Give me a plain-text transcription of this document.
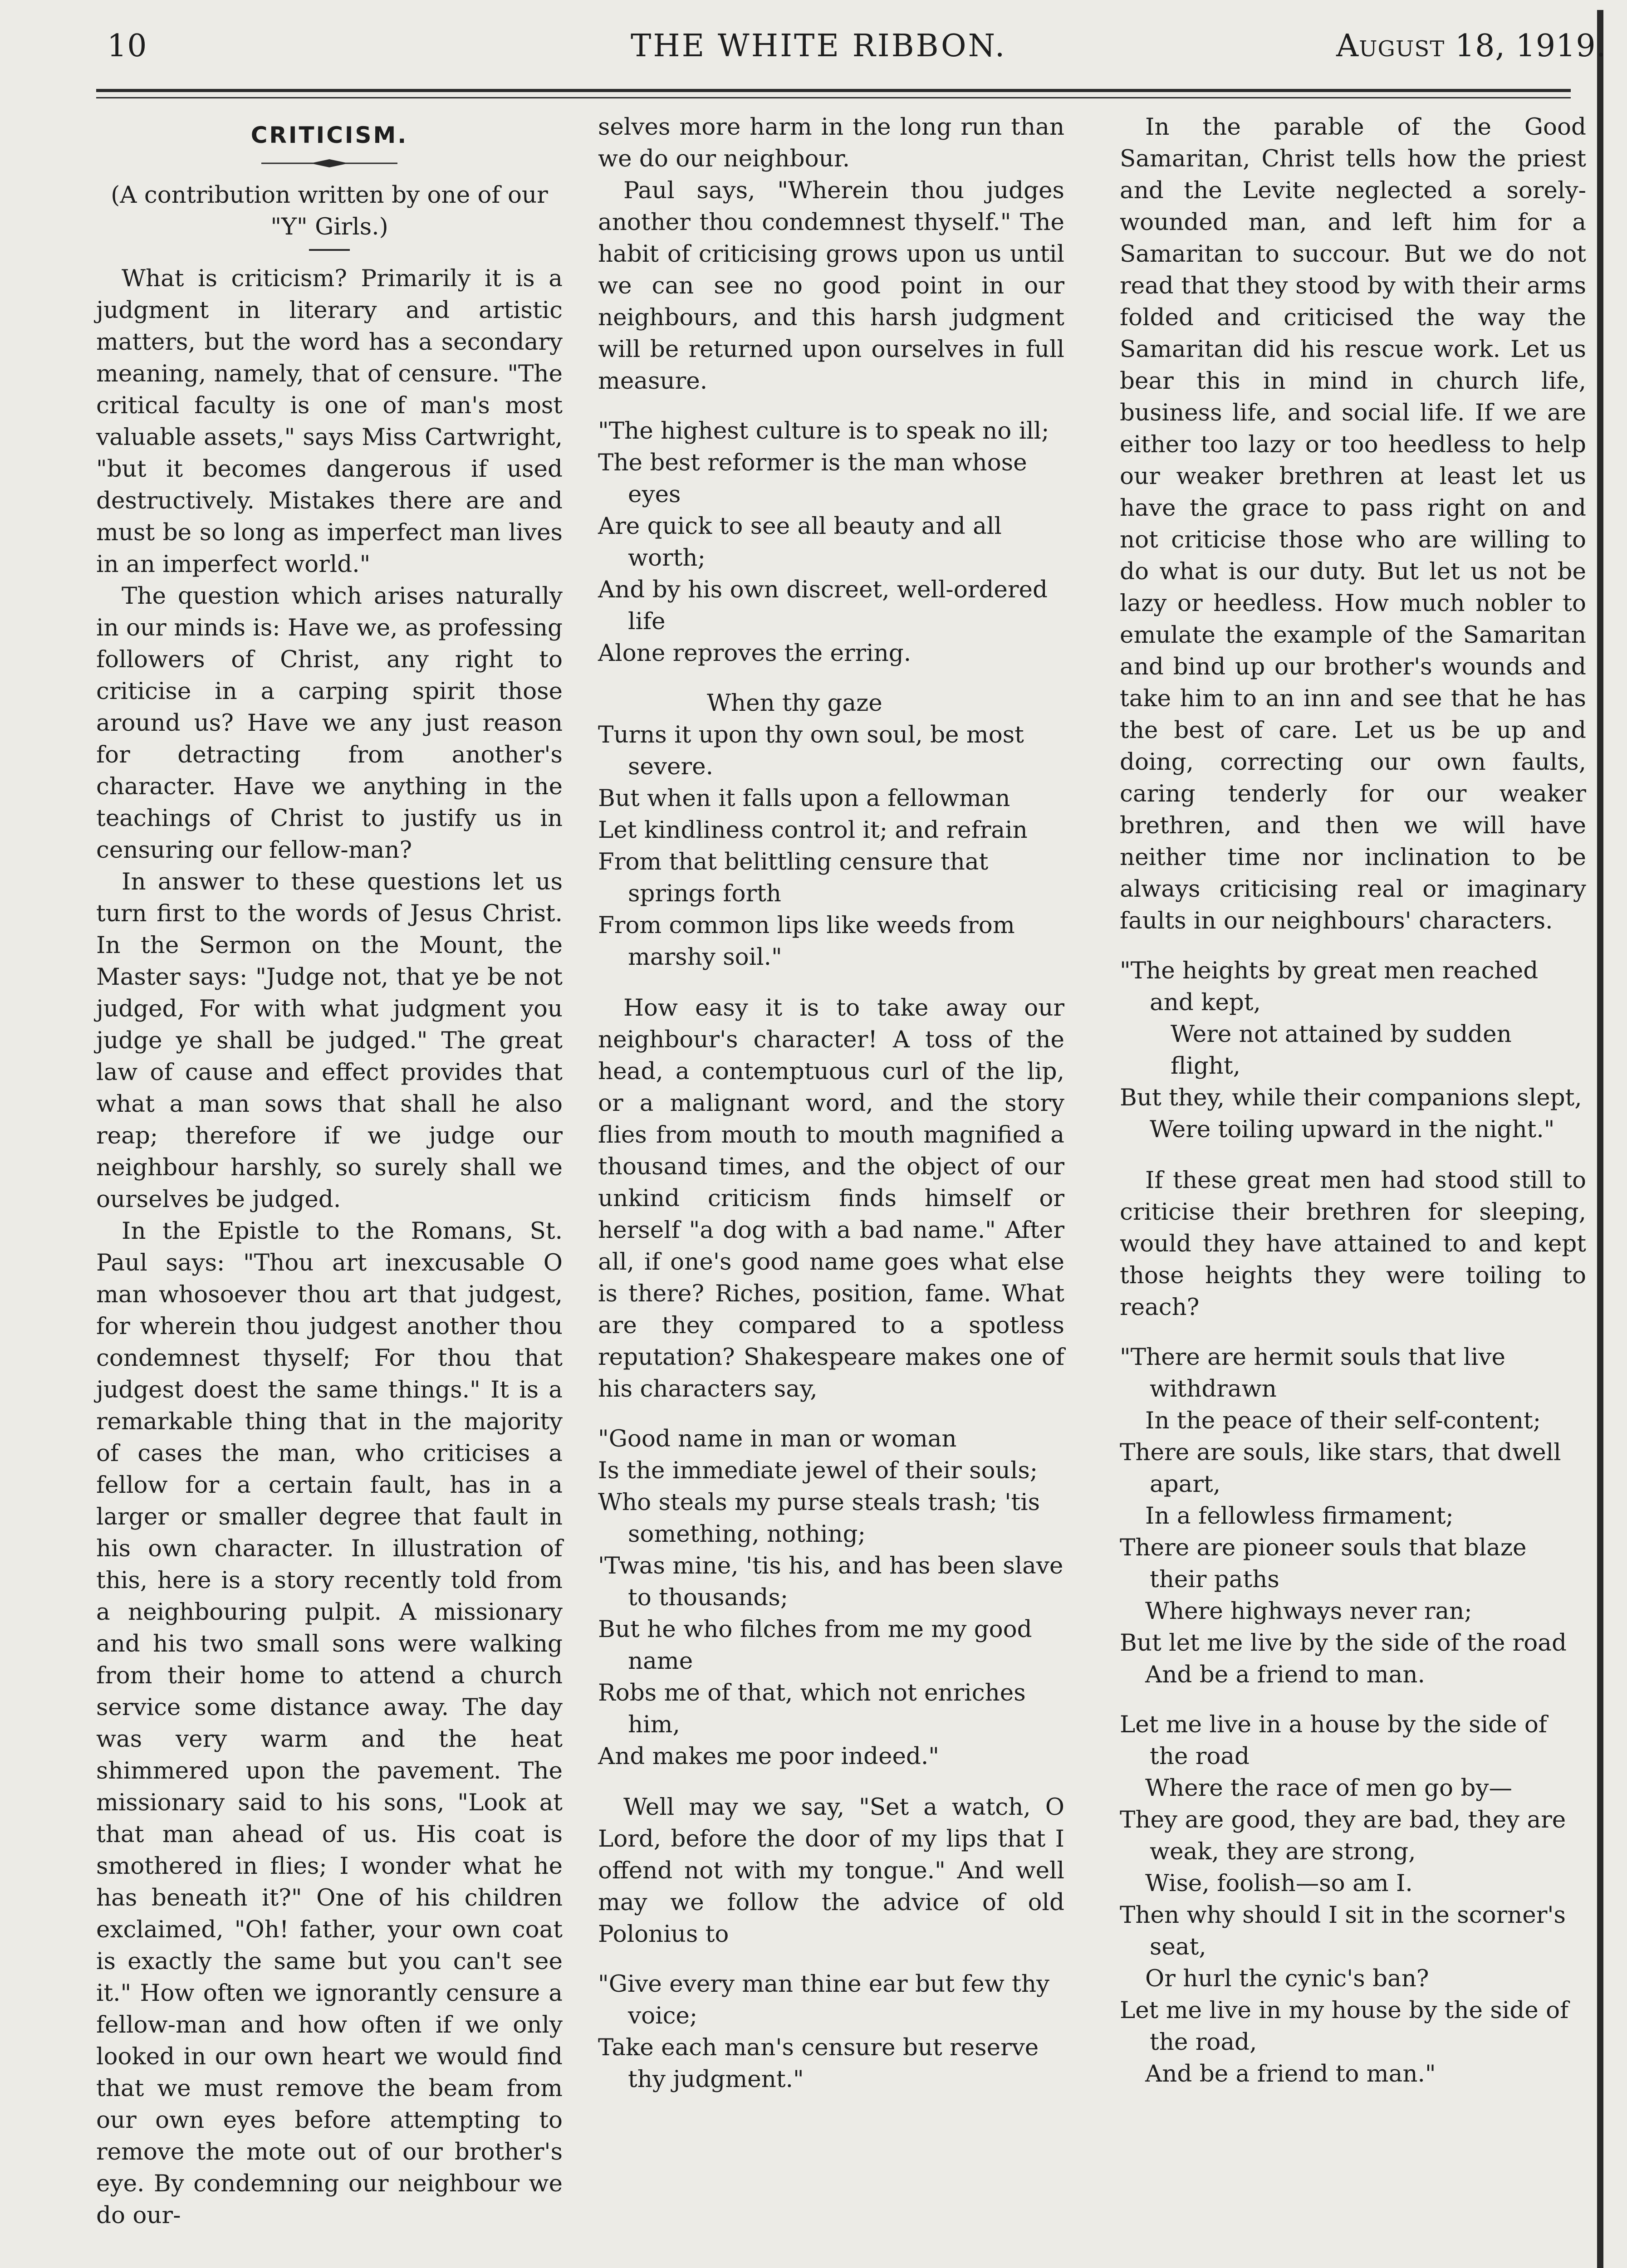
10	THE WHITE RIBBON.	August 18, 1919.
CRITICISM.

(A contribution written by one of our "Y" Girls.)

What is criticism? Primarily it is a judgment in literary and artistic matters, but the word has a secondary meaning, namely, that of censure. "The critical faculty is one of man's most valuable assets," says Miss Cartwright, "but it becomes dangerous if used destructively. Mistakes there are and must be so long as imperfect man lives in an imperfect world."

The question which arises naturally in our minds is: Have we, as professing followers of Christ, any right to criticise in a carping spirit those around us? Have we any just reason for detracting from another's character. Have we anything in the teachings of Christ to justify us in censuring our fellow-man?

In answer to these questions let us turn first to the words of Jesus Christ. In the Sermon on the Mount, the Master says: "Judge not, that ye be not judged, For with what judgment you judge ye shall be judged." The great law of cause and effect provides that what a man sows that shall he also reap; therefore if we judge our neighbour harshly, so surely shall we ourselves be judged.

In the Epistle to the Romans, St. Paul says: "Thou art inexcusable O man whosoever thou art that judgest, for wherein thou judgest another thou condemnest thyself; For thou that judgest doest the same things." It is a remarkable thing that in the majority of cases the man, who criticises a fellow for a certain fault, has in a larger or smaller degree that fault in his own character. In illustration of this, here is a story recently told from a neighbouring pulpit. A missionary and his two small sons were walking from their home to attend a church service some distance away. The day was very warm and the heat shimmered upon the pavement. The missionary said to his sons, "Look at that man ahead of us. His coat is smothered in flies; I wonder what he has beneath it?" One of his children exclaimed, "Oh! father, your own coat is exactly the same but you can't see it." How often we ignorantly censure a fellow-man and how often if we only looked in our own heart we would find that we must remove the beam from our own eyes before attempting to remove the mote out of our brother's eye. By condemning our neighbour we do our-

selves more harm in the long run than we do our neighbour.

Paul says, "Wherein thou judges another thou condemnest thyself." The habit of criticising grows upon us until we can see no good point in our neighbours, and this harsh judgment will be returned upon ourselves in full measure.

"The highest culture is to speak no ill;

The best reformer is the man whose eyes

Are quick to see all beauty and all worth;

And by his own discreet, well-ordered life

Alone reproves the erring.

When thy gaze

Turns it upon thy own soul, be most severe.

But when it falls upon a fellowman

Let kindliness control it; and refrain

From that belittling censure that springs forth

From common lips like weeds from marshy soil."

How easy it is to take away our neighbour's character! A toss of the head, a contemptuous curl of the lip, or a malignant word, and the story flies from mouth to mouth magnified a thousand times, and the object of our unkind criticism finds himself or herself "a dog with a bad name." After all, if one's good name goes what else is there? Riches, position, fame. What are they compared to a spotless reputation? Shakespeare makes one of his characters say,

"Good name in man or woman

Is the immediate jewel of their souls;

Who steals my purse steals trash; 'tis something, nothing;

'Twas mine, 'tis his, and has been slave to thousands;

But he who filches from me my good name

Robs me of that, which not enriches him,

And makes me poor indeed."

Well may we say, "Set a watch, O Lord, before the door of my lips that I offend not with my tongue." And well may we follow the advice of old Polonius to

"Give every man thine ear but few thy voice;

Take each man's censure but reserve thy judgment."

In the parable of the Good Samaritan, Christ tells how the priest and the Levite neglected a sorely-wounded man, and left him for a Samaritan to succour. But we do not read that they stood by with their arms folded and criticised the way the Samaritan did his rescue work. Let us bear this in mind in church life, business life, and social life. If we are either too lazy or too heedless to help our weaker brethren at least let us have the grace to pass right on and not criticise those who are willing to do what is our duty. But let us not be lazy or heedless. How much nobler to emulate the example of the Samaritan and bind up our brother's wounds and take him to an inn and see that he has the best of care. Let us be up and doing, correcting our own faults, caring tenderly for our weaker brethren, and then we will have neither time nor inclination to be always criticising real or imaginary faults in our neighbours' characters.

"The heights by great men reached and kept,

Were not attained by sudden flight,

But they, while their companions slept,

Were toiling upward in the night."

If these great men had stood still to criticise their brethren for sleeping, would they have attained to and kept those heights they were toiling to reach?

"There are hermit souls that live withdrawn

In the peace of their self-content;

There are souls, like stars, that dwell apart,

In a fellowless firmament;

There are pioneer souls that blaze their paths

Where highways never ran;

But let me live by the side of the road

And be a friend to man.

Let me live in a house by the side of the road

Where the race of men go by—

They are good, they are bad, they are weak, they are strong,

Wise, foolish—so am I.

Then why should I sit in the scorner's seat,

Or hurl the cynic's ban?

Let me live in my house by the side of the road,

And be a friend to man."
